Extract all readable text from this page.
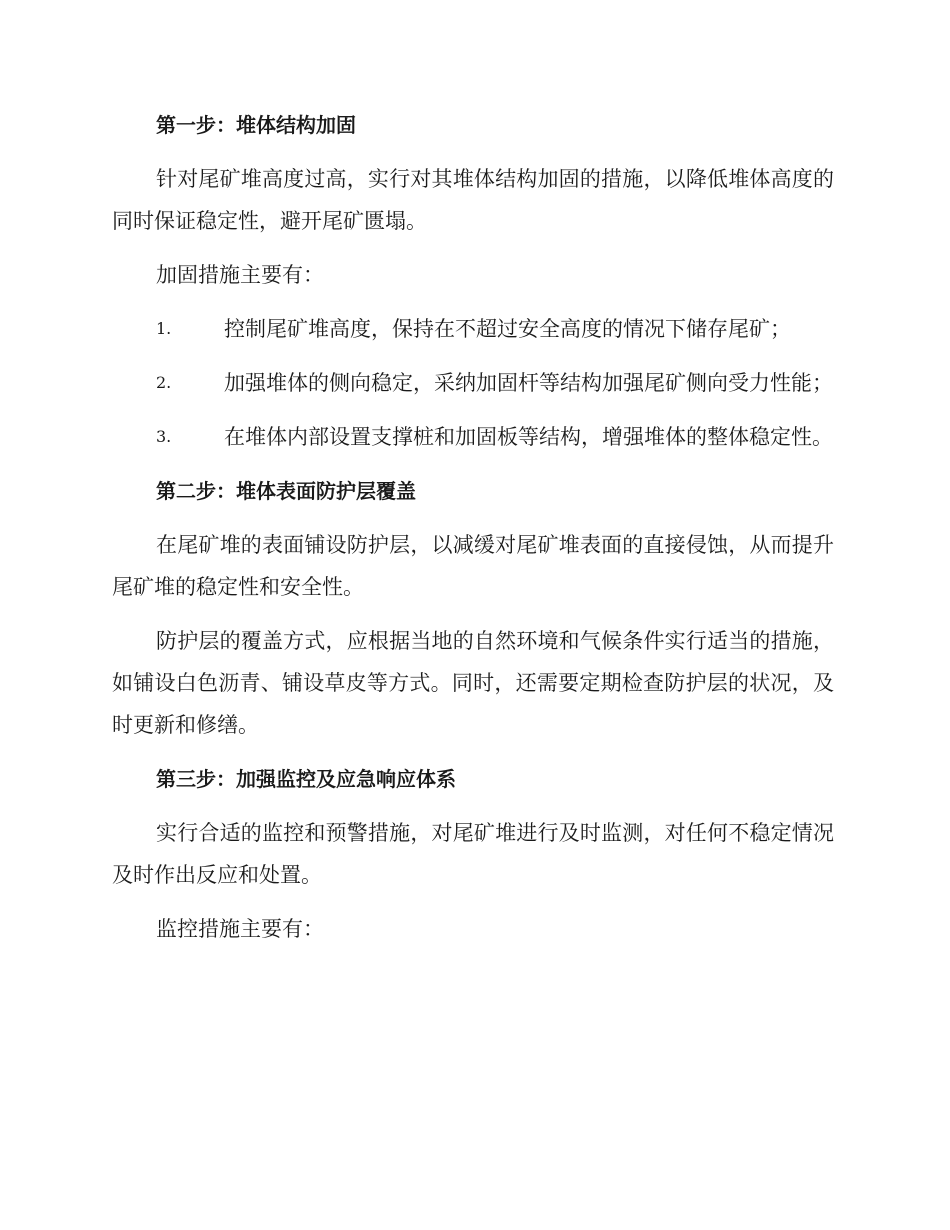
第一步：堆体结构加固

针对尾矿堆高度过高，实行对其堆体结构加固的措施，以降低堆体高度的同时保证稳定性，避开尾矿匮塌。

加固措施主要有：

1.	控制尾矿堆高度，保持在不超过安全高度的情况下储存尾矿；
2.	加强堆体的侧向稳定，采纳加固杆等结构加强尾矿侧向受力性能；
3.	在堆体内部设置支撑桩和加固板等结构，增强堆体的整体稳定性。
第二步：堆体表面防护层覆盖

在尾矿堆的表面铺设防护层，以减缓对尾矿堆表面的直接侵蚀，从而提升尾矿堆的稳定性和安全性。

防护层的覆盖方式，应根据当地的自然环境和气候条件实行适当的措施，如铺设白色沥青、铺设草皮等方式。同时，还需要定期检查防护层的状况，及时更新和修缮。

第三步：加强监控及应急响应体系

实行合适的监控和预警措施，对尾矿堆进行及时监测，对任何不稳定情况及时作出反应和处置。

监控措施主要有：
